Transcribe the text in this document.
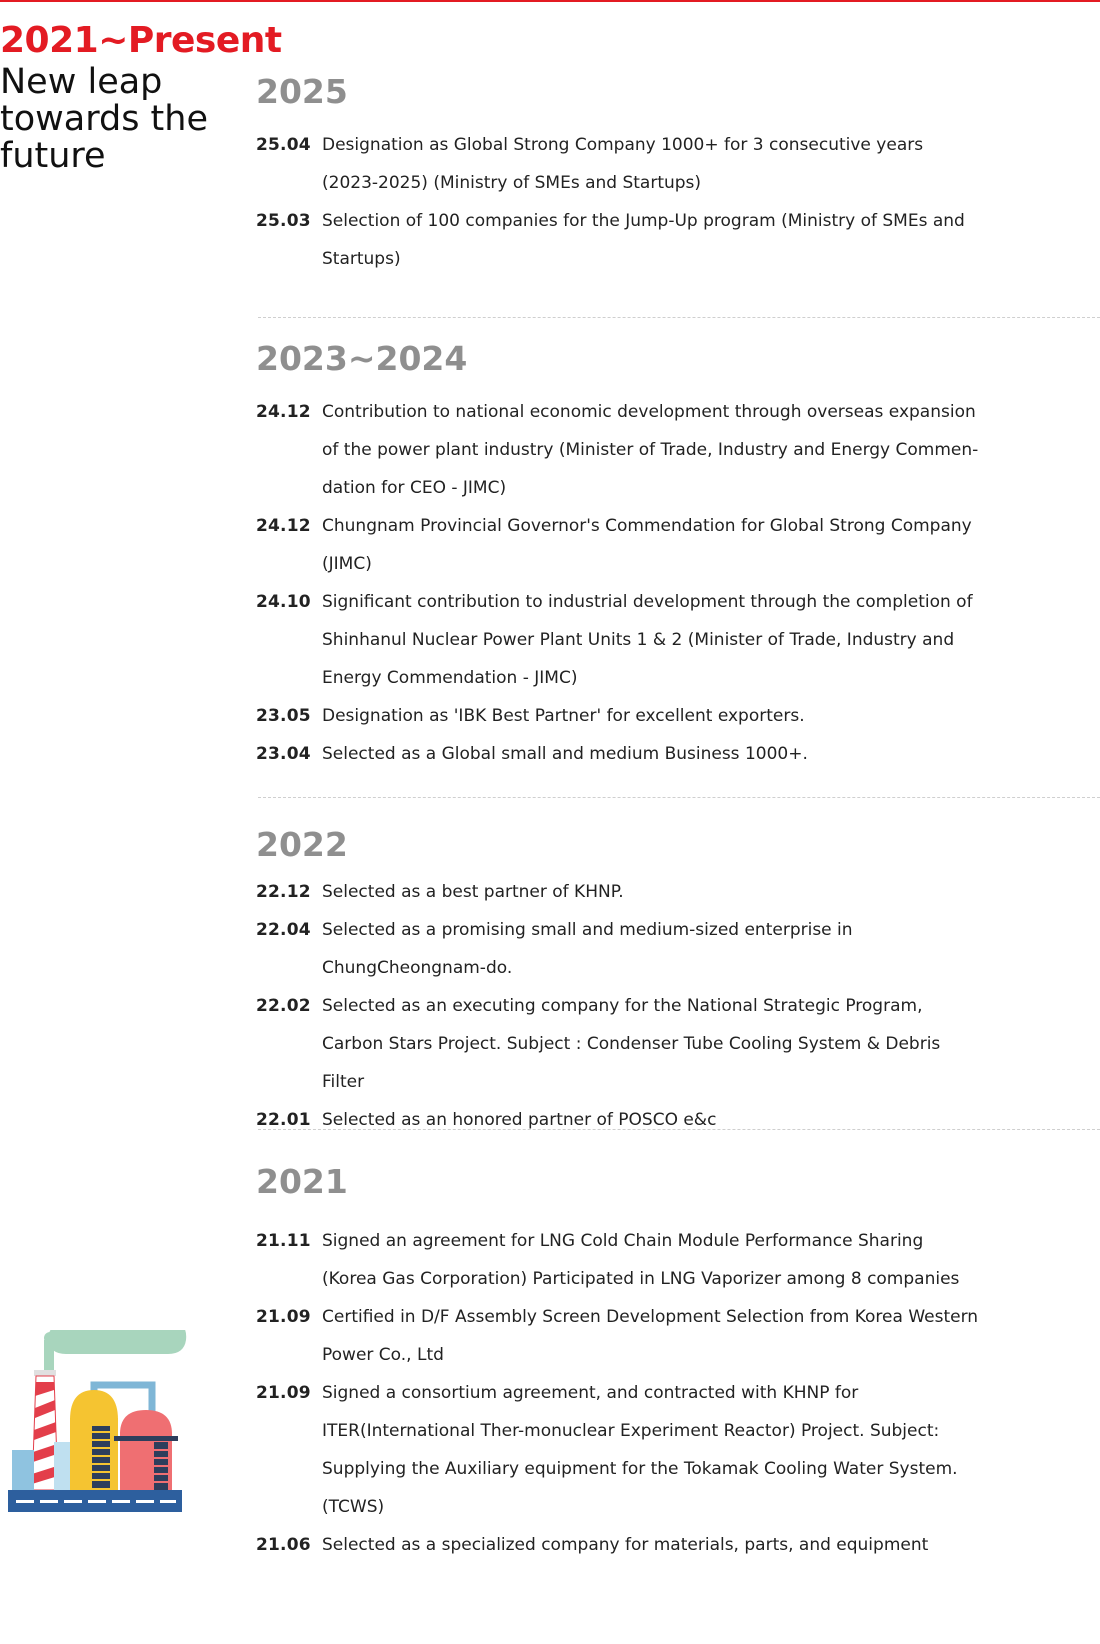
2021~Present
New leap towards the future
2025
25.04 Designation as Global Strong Company 1000+ for 3 consecutive years (2023-2025) (Ministry of SMEs and Startups)
25.03 Selection of 100 companies for the Jump-Up program (Ministry of SMEs and Startups)
2023~2024
24.12 Contribution to national economic development through overseas expansion of the power plant industry (Minister of Trade, Industry and Energy Commen-dation for CEO - JIMC)
24.12 Chungnam Provincial Governor's Commendation for Global Strong Company (JIMC)
24.10 Significant contribution to industrial development through the completion of Shinhanul Nuclear Power Plant Units 1 & 2 (Minister of Trade, Industry and Energy Commendation - JIMC)
23.05 Designation as 'IBK Best Partner' for excellent exporters.
23.04 Selected as a Global small and medium Business 1000+.
2022
22.12 Selected as a best partner of KHNP.
22.04 Selected as a promising small and medium-sized enterprise in ChungCheongnam-do.
22.02 Selected as an executing company for the National Strategic Program, Carbon Stars Project. Subject : Condenser Tube Cooling System & Debris Filter
22.01 Selected as an honored partner of POSCO e&c
2021
21.11 Signed an agreement for LNG Cold Chain Module Performance Sharing (Korea Gas Corporation) Participated in LNG Vaporizer among 8 companies
21.09 Certified in D/F Assembly Screen Development Selection from Korea Western Power Co., Ltd
21.09 Signed a consortium agreement, and contracted with KHNP for ITER(International Ther-monuclear Experiment Reactor) Project. Subject: Supplying the Auxiliary equipment for the Tokamak Cooling Water System. (TCWS)
21.06 Selected as a specialized company for materials, parts, and equipment
